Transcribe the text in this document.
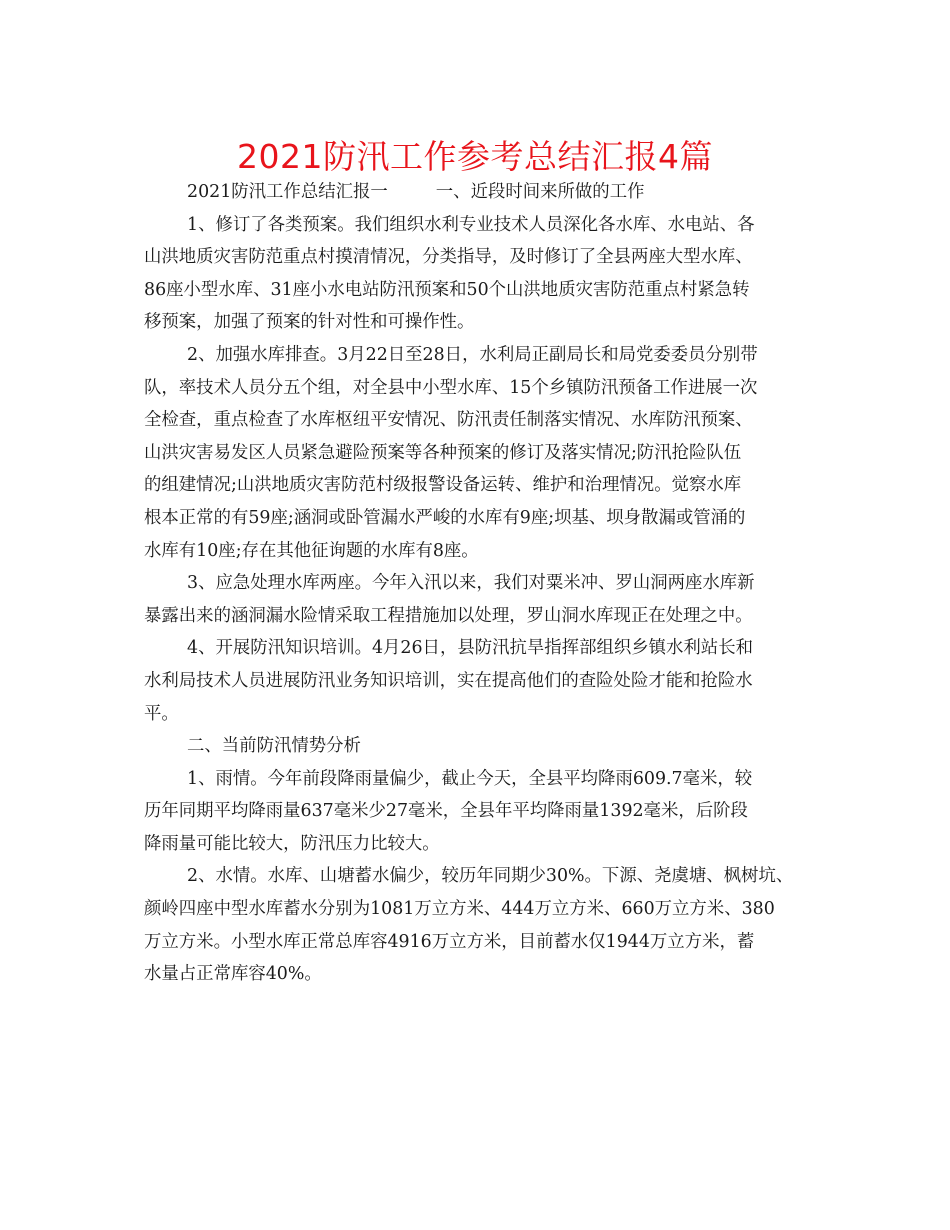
2021防汛工作参考总结汇报4篇
2021防汛工作总结汇报一	一、近段时间来所做的工作
1、修订了各类预案。我们组织水利专业技术人员深化各水库、水电站、各
山洪地质灾害防范重点村摸清情况，分类指导，及时修订了全县两座大型水库、
86座小型水库、31座小水电站防汛预案和50个山洪地质灾害防范重点村紧急转
移预案，加强了预案的针对性和可操作性。
2、加强水库排查。3月22日至28日，水利局正副局长和局党委委员分别带
队，率技术人员分五个组，对全县中小型水库、15个乡镇防汛预备工作进展一次
全检查，重点检查了水库枢纽平安情况、防汛责任制落实情况、水库防汛预案、
山洪灾害易发区人员紧急避险预案等各种预案的修订及落实情况;防汛抢险队伍
的组建情况;山洪地质灾害防范村级报警设备运转、维护和治理情况。觉察水库
根本正常的有59座;涵洞或卧管漏水严峻的水库有9座;坝基、坝身散漏或管涌的
水库有10座;存在其他征询题的水库有8座。
3、应急处理水库两座。今年入汛以来，我们对粟米冲、罗山洞两座水库新
暴露出来的涵洞漏水险情采取工程措施加以处理，罗山洞水库现正在处理之中。
4、开展防汛知识培训。4月26日，县防汛抗旱指挥部组织乡镇水利站长和
水利局技术人员进展防汛业务知识培训，实在提高他们的查险处险才能和抢险水
平。
二、当前防汛情势分析
1、雨情。今年前段降雨量偏少，截止今天，全县平均降雨609.7毫米，较
历年同期平均降雨量637毫米少27毫米，全县年平均降雨量1392毫米，后阶段
降雨量可能比较大，防汛压力比较大。
2、水情。水库、山塘蓄水偏少，较历年同期少30%。下源、尧虞塘、枫树坑、
颜岭四座中型水库蓄水分别为1081万立方米、444万立方米、660万立方米、380
万立方米。小型水库正常总库容4916万立方米，目前蓄水仅1944万立方米，蓄
水量占正常库容40%。
